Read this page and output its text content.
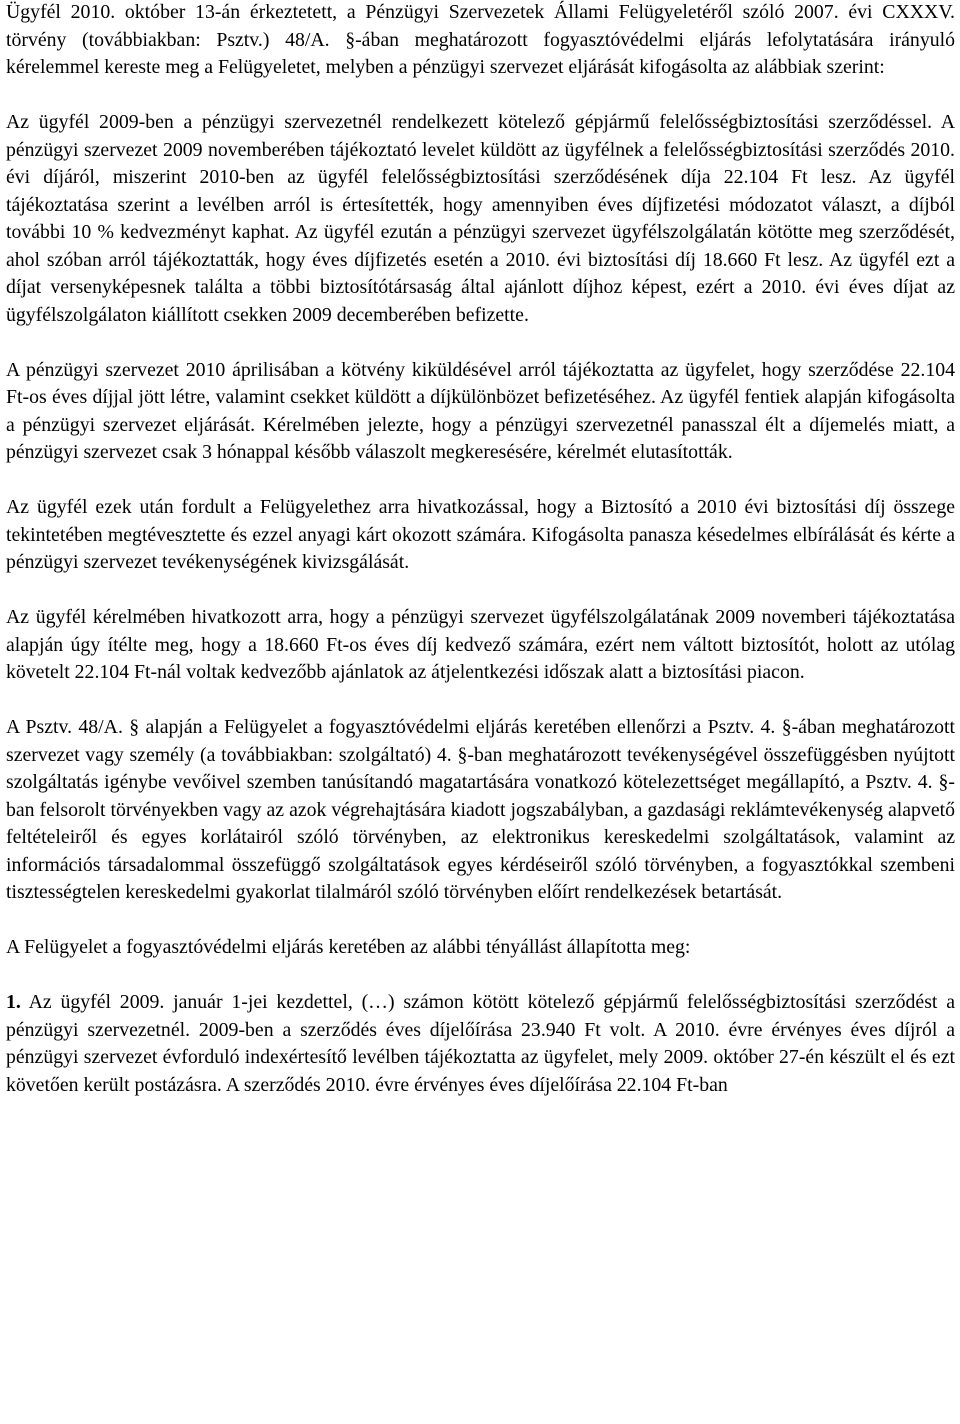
Ügyfél 2010. október 13-án érkeztetett, a Pénzügyi Szervezetek Állami Felügyeletéről szóló 2007. évi CXXXV. törvény (továbbiakban: Psztv.) 48/A. §-ában meghatározott fogyasztóvédelmi eljárás lefolytatására irányuló kérelemmel kereste meg a Felügyeletet, melyben a pénzügyi szervezet eljárását kifogásolta az alábbiak szerint:

Az ügyfél 2009-ben a pénzügyi szervezetnél rendelkezett kötelező gépjármű felelősségbiztosítási szerződéssel. A pénzügyi szervezet 2009 novemberében tájékoztató levelet küldött az ügyfélnek a felelősségbiztosítási szerződés 2010. évi díjáról, miszerint 2010-ben az ügyfél felelősségbiztosítási szerződésének díja 22.104 Ft lesz. Az ügyfél tájékoztatása szerint a levélben arról is értesítették, hogy amennyiben éves díjfizetési módozatot választ, a díjból további 10 % kedvezményt kaphat. Az ügyfél ezután a pénzügyi szervezet ügyfélszolgálatán kötötte meg szerződését, ahol szóban arról tájékoztatták, hogy éves díjfizetés esetén a 2010. évi biztosítási díj 18.660 Ft lesz. Az ügyfél ezt a díjat versenyképesnek találta a többi biztosítótársaság által ajánlott díjhoz képest, ezért a 2010. évi éves díjat az ügyfélszolgálaton kiállított csekken 2009 decemberében befizette.

A pénzügyi szervezet 2010 áprilisában a kötvény kiküldésével arról tájékoztatta az ügyfelet, hogy szerződése 22.104 Ft-os éves díjjal jött létre, valamint csekket küldött a díjkülönbözet befizetéséhez. Az ügyfél fentiek alapján kifogásolta a pénzügyi szervezet eljárását. Kérelmében jelezte, hogy a pénzügyi szervezetnél panasszal élt a díjemelés miatt, a pénzügyi szervezet csak 3 hónappal később válaszolt megkeresésére, kérelmét elutasították.

Az ügyfél ezek után fordult a Felügyelethez arra hivatkozással, hogy a Biztosító a 2010 évi biztosítási díj összege tekintetében megtévesztette és ezzel anyagi kárt okozott számára. Kifogásolta panasza késedelmes elbírálását és kérte a pénzügyi szervezet tevékenységének kivizsgálását.

Az ügyfél kérelmében hivatkozott arra, hogy a pénzügyi szervezet ügyfélszolgálatának 2009 novemberi tájékoztatása alapján úgy ítélte meg, hogy a 18.660 Ft-os éves díj kedvező számára, ezért nem váltott biztosítót, holott az utólag követelt 22.104 Ft-nál voltak kedvezőbb ajánlatok az átjelentkezési időszak alatt a biztosítási piacon.

A Psztv. 48/A. § alapján a Felügyelet a fogyasztóvédelmi eljárás keretében ellenőrzi a Psztv. 4. §-ában meghatározott szervezet vagy személy (a továbbiakban: szolgáltató) 4. §-ban meghatározott tevékenységével összefüggésben nyújtott szolgáltatás igénybe vevőivel szemben tanúsítandó magatartására vonatkozó kötelezettséget megállapító, a Psztv. 4. §-ban felsorolt törvényekben vagy az azok végrehajtására kiadott jogszabályban, a gazdasági reklámtevékenység alapvető feltételeiről és egyes korlátairól szóló törvényben, az elektronikus kereskedelmi szolgáltatások, valamint az információs társadalommal összefüggő szolgáltatások egyes kérdéseiről szóló törvényben, a fogyasztókkal szembeni tisztességtelen kereskedelmi gyakorlat tilalmáról szóló törvényben előírt rendelkezések betartását.

A Felügyelet a fogyasztóvédelmi eljárás keretében az alábbi tényállást állapította meg:

1. Az ügyfél 2009. január 1-jei kezdettel, (…) számon kötött kötelező gépjármű felelősségbiztosítási szerződést a pénzügyi szervezetnél. 2009-ben a szerződés éves díjelőírása 23.940 Ft volt. A 2010. évre érvényes éves díjról a pénzügyi szervezet évforduló indexértesítő levélben tájékoztatta az ügyfelet, mely 2009. október 27-én készült el és ezt követően került postázásra. A szerződés 2010. évre érvényes éves díjelőírása 22.104 Ft-ban
